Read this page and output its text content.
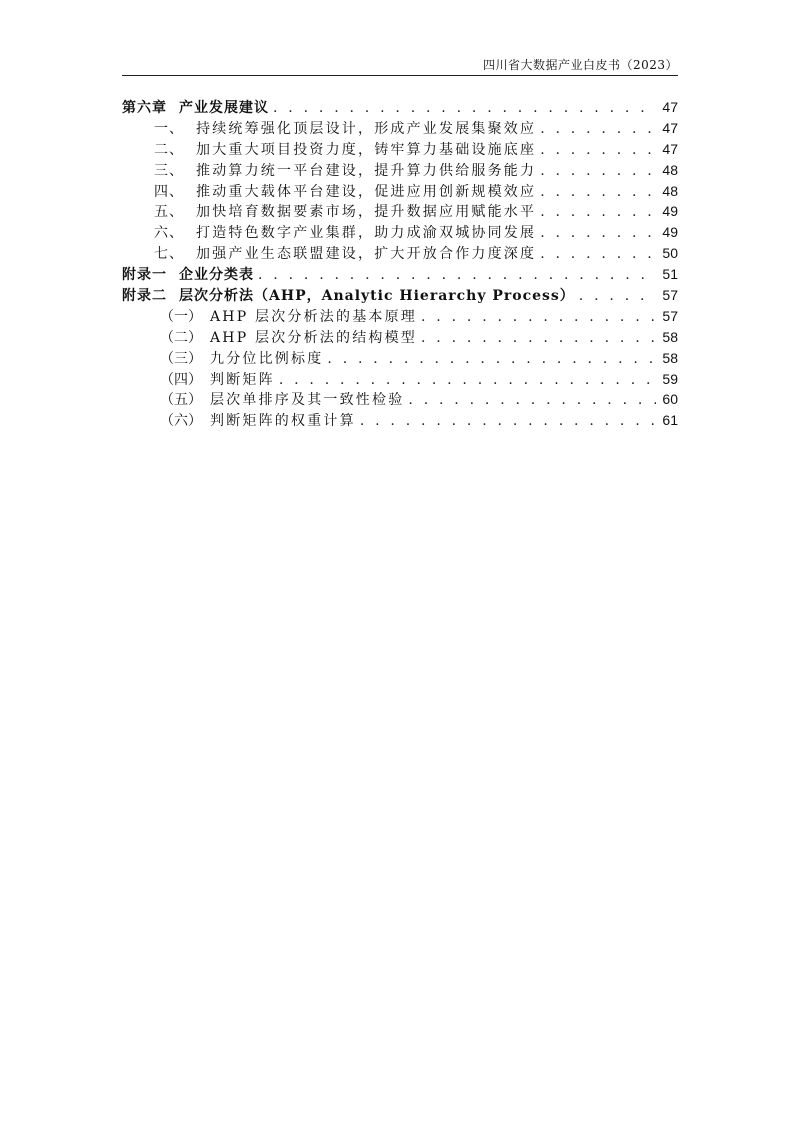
四川省大数据产业白皮书（2023）
第六章 产业发展建议 . . .	47
一、 持续统筹强化顶层设计，形成产业发展集聚效应 . . .	47
二、 加大重大项目投资力度，铸牢算力基础设施底座 . . .	47
三、 推动算力统一平台建设，提升算力供给服务能力 . . .	48
四、 推动重大载体平台建设，促进应用创新规模效应 . . .	48
五、 加快培育数据要素市场，提升数据应用赋能水平 . . .	49
六、 打造特色数字产业集群，助力成渝双城协同发展 . . .	49
七、 加强产业生态联盟建设，扩大开放合作力度深度 . . .	50
附录一 企业分类表 . . .	51
附录二 层次分析法（AHP，Analytic Hierarchy Process） . . .	57
（一） AHP 层次分析法的基本原理 . . .	57
（二） AHP 层次分析法的结构模型 . . .	58
（三） 九分位比例标度 . . .	58
（四） 判断矩阵 . . .	59
（五） 层次单排序及其一致性检验 . . .	60
（六） 判断矩阵的权重计算 . . .	61
